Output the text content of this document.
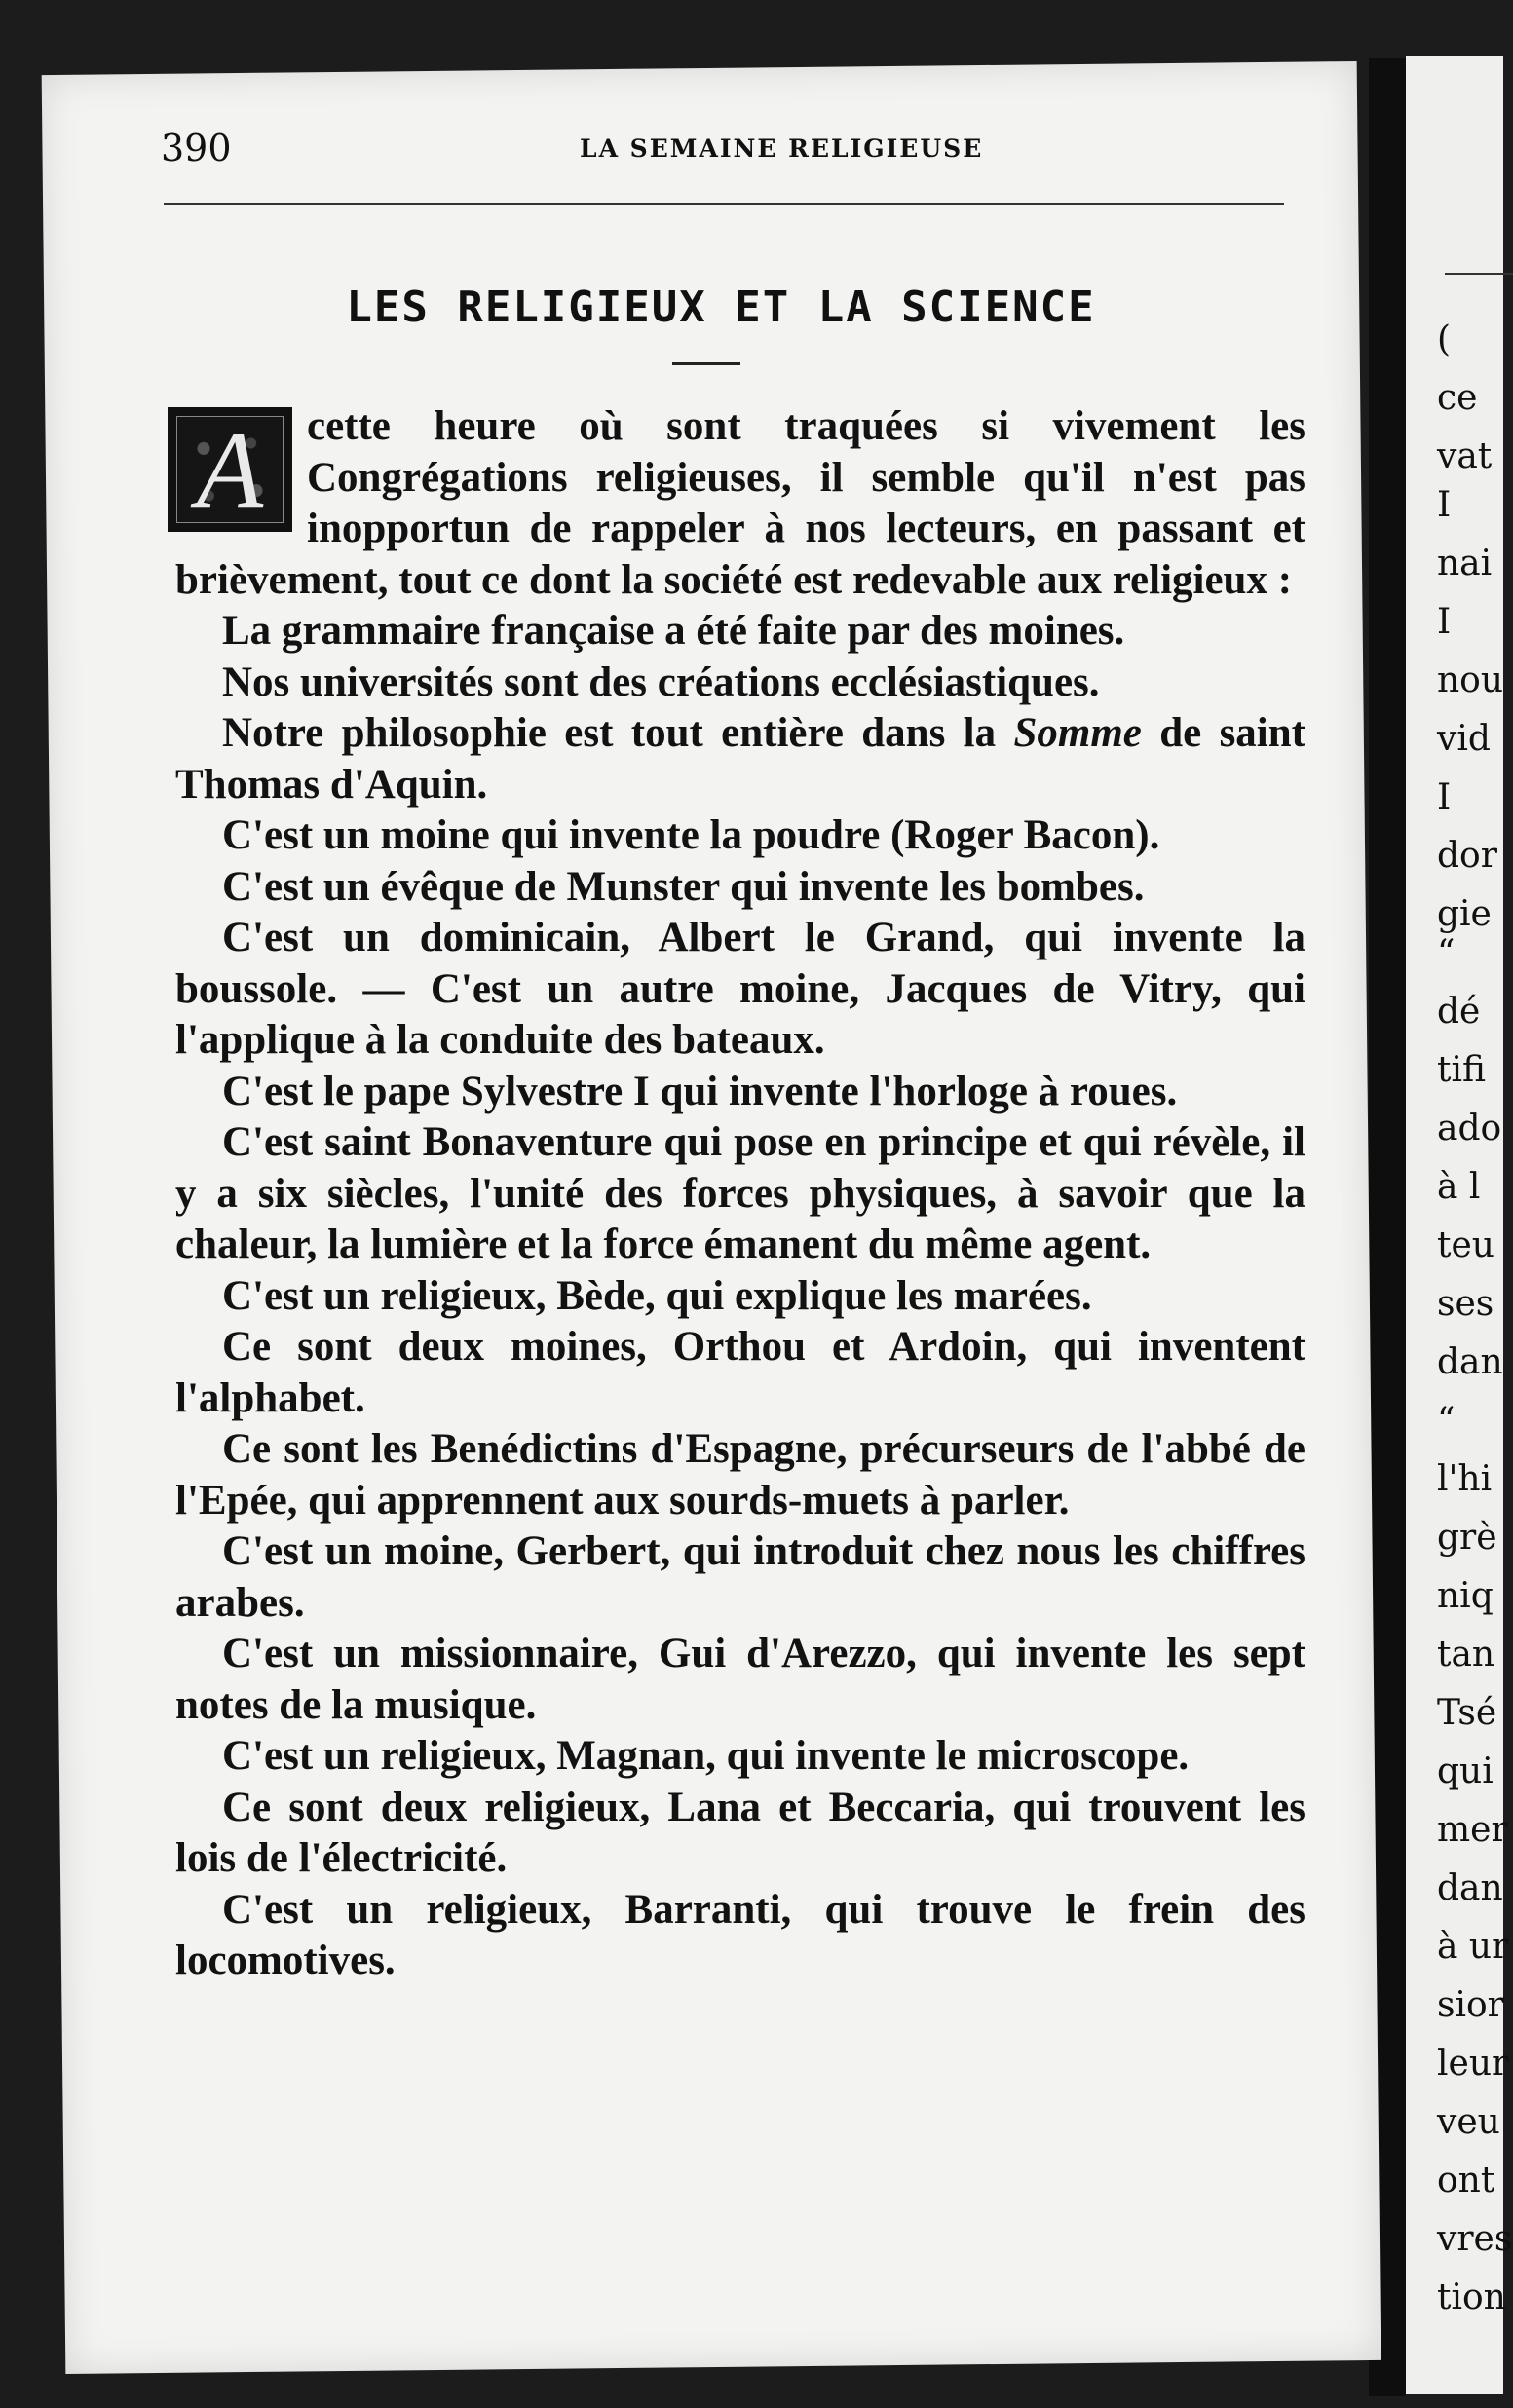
(
ce
vat
I
nai
I
nou
vid
I
dor
gie
“
dé
tifi
ado
à l
teu
ses
dan
“
l'hi
grè
niq
tan
Tsé
qui
mer
dan
à ur
sior
leur
veu
ont
vres
tion
390	LA SEMAINE RELIGIEUSE
LES RELIGIEUX ET LA SCIENCE
A	cette heure où sont traquées si vivement les Congrégations religieuses, il semble qu'il n'est pas inopportun de rappeler à nos lecteurs, en passant et brièvement, tout ce dont la société est redevable aux religieux :

La grammaire française a été faite par des moines.

Nos universités sont des créations ecclésiastiques.

Notre philosophie est tout entière dans la Somme de saint Thomas d'Aquin.

C'est un moine qui invente la poudre (Roger Bacon).

C'est un évêque de Munster qui invente les bombes.

C'est un dominicain, Albert le Grand, qui invente la boussole. — C'est un autre moine, Jacques de Vitry, qui l'applique à la conduite des bateaux.

C'est le pape Sylvestre I qui invente l'horloge à roues.

C'est saint Bonaventure qui pose en principe et qui révèle, il y a six siècles, l'unité des forces physiques, à savoir que la chaleur, la lumière et la force émanent du même agent.

C'est un religieux, Bède, qui explique les marées.

Ce sont deux moines, Orthou et Ardoin, qui inventent l'alphabet.

Ce sont les Benédictins d'Espagne, précurseurs de l'abbé de l'Epée, qui apprennent aux sourds-muets à parler.

C'est un moine, Gerbert, qui introduit chez nous les chiffres arabes.

C'est un missionnaire, Gui d'Arezzo, qui invente les sept notes de la musique.

C'est un religieux, Magnan, qui invente le microscope.

Ce sont deux religieux, Lana et Beccaria, qui trouvent les lois de l'électricité.

C'est un religieux, Barranti, qui trouve le frein des locomotives.
